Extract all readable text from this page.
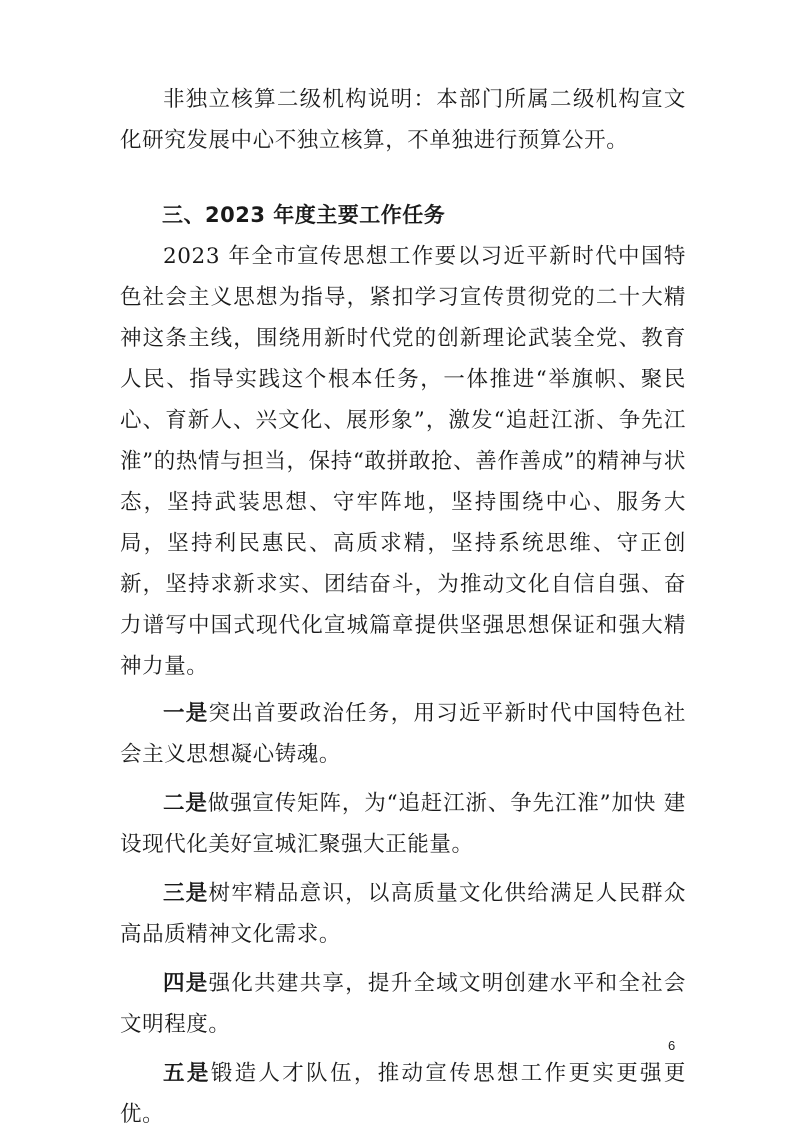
非独立核算二级机构说明：本部门所属二级机构宣文化研究发展中心不独立核算，不单独进行预算公开。

三、2023 年度主要工作任务

2023 年全市宣传思想工作要以习近平新时代中国特色社会主义思想为指导，紧扣学习宣传贯彻党的二十大精神这条主线，围绕用新时代党的创新理论武装全党、教育人民、指导实践这个根本任务，一体推进“举旗帜、聚民心、育新人、兴文化、展形象”，激发“追赶江浙、争先江淮”的热情与担当，保持“敢拼敢抢、善作善成”的精神与状态，坚持武装思想、守牢阵地，坚持围绕中心、服务大局，坚持利民惠民、高质求精，坚持系统思维、守正创新，坚持求新求实、团结奋斗，为推动文化自信自强、奋力谱写中国式现代化宣城篇章提供坚强思想保证和强大精神力量。

一是突出首要政治任务，用习近平新时代中国特色社会主义思想凝心铸魂。

二是做强宣传矩阵，为“追赶江浙、争先江淮”加快 建设现代化美好宣城汇聚强大正能量。

三是树牢精品意识，以高质量文化供给满足人民群众高品质精神文化需求。

四是强化共建共享，提升全域文明创建水平和全社会文明程度。

五是锻造人才队伍，推动宣传思想工作更实更强更优。

6
